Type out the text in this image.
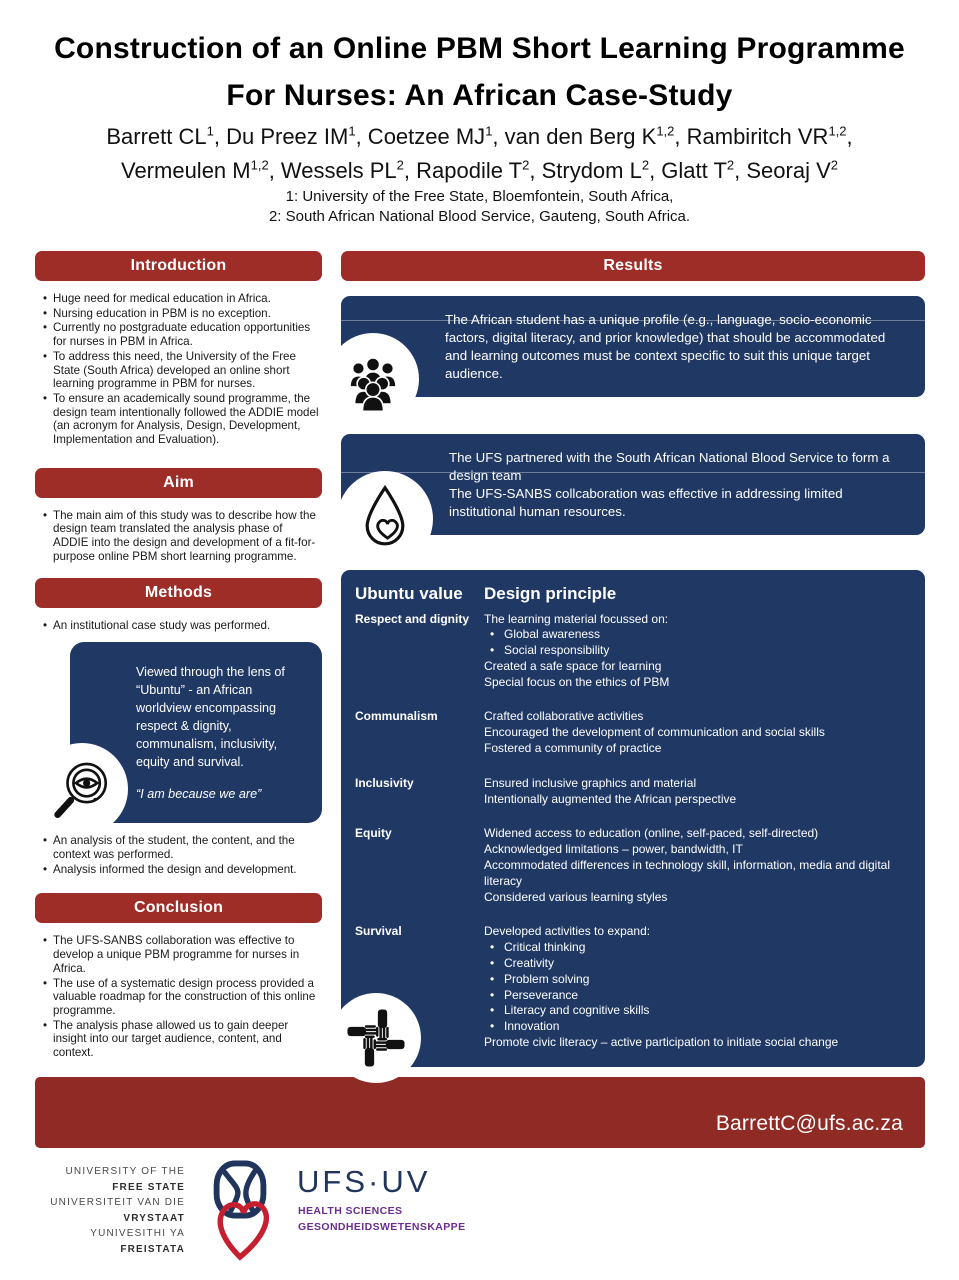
Construction of an Online PBM Short Learning Programme
For Nurses: An African Case-Study
Barrett $CL^1$, Du Preez $IM^1$, Coetzee $MJ^1$, van den Berg K$^{1,2}$, Rambiritch VR$^{1,2}$,
Vermeulen M$^{1,2}$, Wessels $PL^2$, Rapodile $T^2$, Strydom $L^2$, Glatt $T^2$, Seoraj $V^2$
1: University of the Free State, Bloemfontein, South Africa,
2: South African National Blood Service, Gauteng, South Africa.
Introduction
• Huge need for medical education in Africa.
• Nursing education in PBM is no exception.
• Currently no postgraduate education opportunities for nurses in PBM in Africa.
• To address this need, the University of the Free State (South Africa) developed an online short learning programme in PBM for nurses.
• To ensure an academically sound programme, the design team intentionally followed the ADDIE model (an acronym for Analysis, Design, Development, Implementation and Evaluation).
Aim
• The main aim of this study was to describe how the design team translated the analysis phase of ADDIE into the design and development of a fit-for-purpose online PBM short learning programme.
Methods
• An institutional case study was performed.

Viewed through the lens of “Ubuntu” - an African worldview encompassing respect & dignity, communalism, inclusivity, equity and survival.

“I am because we are”

• An analysis of the student, the content, and the context was performed.
• Analysis informed the design and development.
Conclusion
• The UFS-SANBS collaboration was effective to develop a unique PBM programme for nurses in Africa.
• The use of a systematic design process provided a valuable roadmap for the construction of this online programme.
• The analysis phase allowed us to gain deeper insight into our target audience, content, and context.
Results

The African student has a unique profile (e.g., language, socio-economic factors, digital literacy, and prior knowledge) that should be accommodated and learning outcomes must be context specific to suit this unique target audience.

The UFS partnered with the South African National Blood Service to form a design team

The UFS-SANBS collcaboration was effective in addressing limited institutional human resources.

Ubuntu value	Design principle
Respect and dignity	The learning material focussed on:
• Global awareness
• Social responsibility
Created a safe space for learning
Special focus on the ethics of PBM
Communalism	Crafted collaborative activities
Encouraged the development of communication and social skills
Fostered a community of practice
Inclusivity	Ensured inclusive graphics and material
Intentionally augmented the African perspective
Equity	Widened access to education (online, self-paced, self-directed)
Acknowledged limitations – power, bandwidth, IT
Accommodated differences in technology skill, information, media and digital literacy
Considered various learning styles
Survival	Developed activities to expand:
• Critical thinking
• Creativity
• Problem solving
• Perseverance
• Literacy and cognitive skills
• Innovation
Promote civic literacy – active participation to initiate social change
BarrettC@ufs.ac.za
UNIVERSITY OF THE
FREE STATE
UNIVERSITEIT VAN DIE
VRYSTAAT
YUNIVESITHI YA
FREISTATA
UFS·UV
HEALTH SCIENCES
GESONDHEIDSWETENSKAPPE
